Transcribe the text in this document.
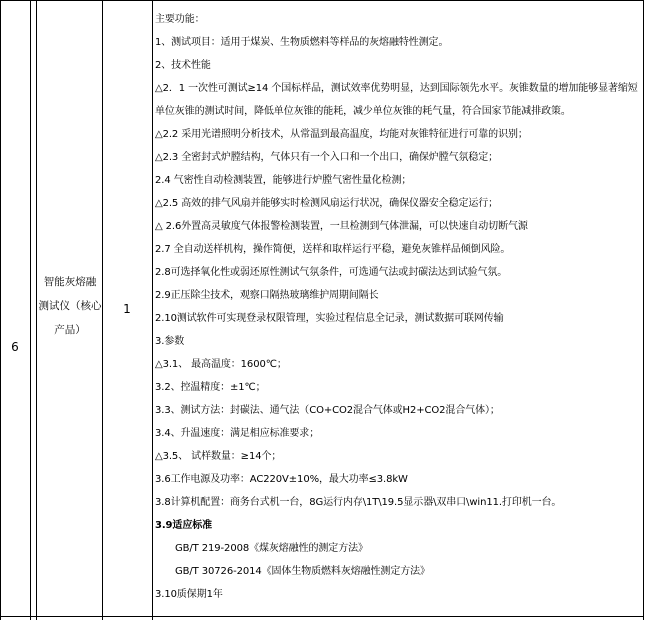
6
智能灰熔融
测试仪（核心
产品）
1
主要功能：
1、测试项目：适用于煤炭、生物质燃料等样品的灰熔融特性测定。
2、技术性能
△2．1 一次性可测试≥14 个国标样品，测试效率优势明显，达到国际领先水平。灰锥数量的增加能够显著缩短
单位灰锥的测试时间，降低单位灰锥的能耗，减少单位灰锥的耗气量，符合国家节能减排政策。
△2.2 采用光谱照明分析技术，从常温到最高温度，均能对灰锥特征进行可靠的识别；
△2.3 全密封式炉膛结构，气体只有一个入口和一个出口，确保炉膛气氛稳定；
2.4 气密性自动检测装置，能够进行炉膛气密性量化检测；
△2.5 高效的排气风扇并能够实时检测风扇运行状况，确保仪器安全稳定运行；
△ 2.6外置高灵敏度气体报警检测装置，一旦检测到气体泄漏，可以快速自动切断气源
2.7 全自动送样机构，操作简便，送样和取样运行平稳，避免灰锥样品倾倒风险。
2.8可选择氧化性或弱还原性测试气氛条件，可选通气法或封碳法达到试验气氛。
2.9正压除尘技术，观察口隔热玻璃维护周期间隔长
2.10测试软件可实现登录权限管理，实验过程信息全记录，测试数据可联网传输
3.参数
△3.1、 最高温度：1600℃；
3.2、控温精度：±1℃；
3.3、测试方法：封碳法、通气法（CO+CO2混合气体或H2+CO2混合气体）；
3.4、升温速度：满足相应标准要求；
△3.5、 试样数量：≥14个；
3.6工作电源及功率：AC220V±10%，最大功率≤3.8kW
3.8计算机配置：商务台式机一台，8G运行内存\1T\19.5显示器\双串口\win11.打印机一台。
3.9适应标准
GB/T 219-2008《煤灰熔融性的测定方法》
GB/T 30726-2014《固体生物质燃料灰熔融性测定方法》
3.10质保期1年
